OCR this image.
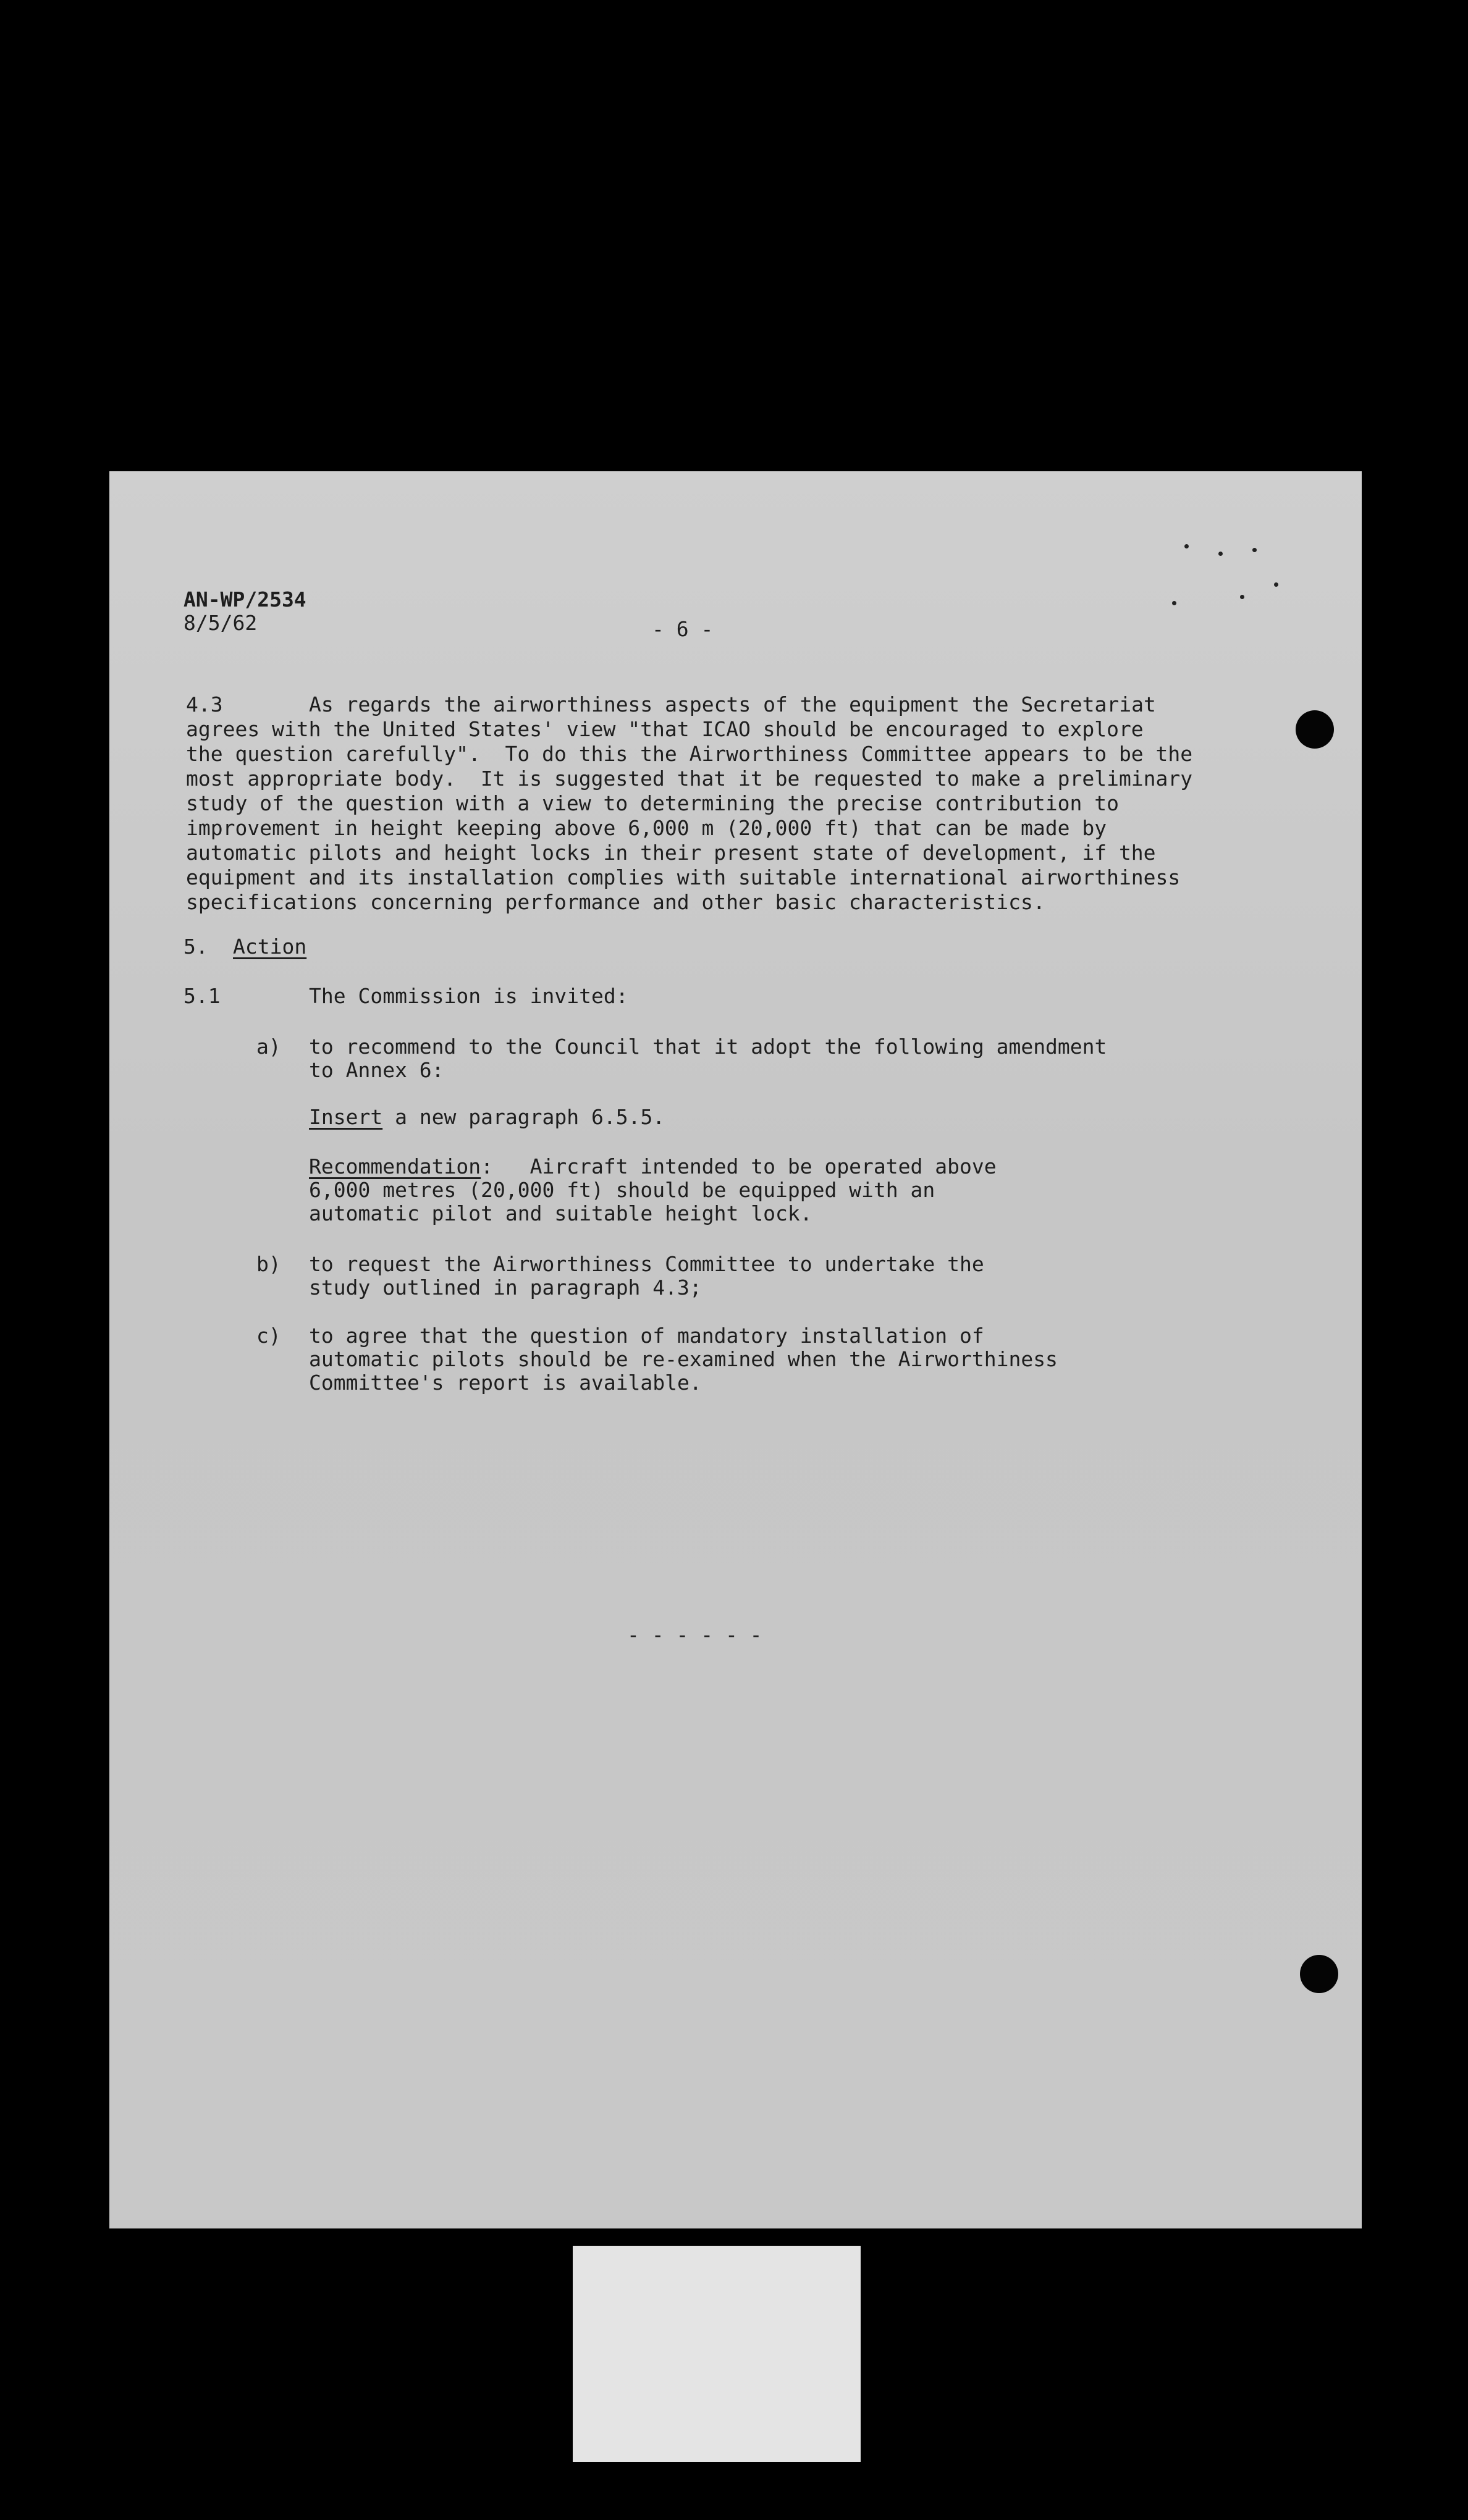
AN-WP/2534
8/5/62	- 6 -
4.3	As regards the airworthiness aspects of the equipment the Secretariat
agrees with the United States' view "that ICAO should be encouraged to explore
the question carefully".  To do this the Airworthiness Committee appears to be the
most appropriate body.  It is suggested that it be requested to make a preliminary
study of the question with a view to determining the precise contribution to
improvement in height keeping above 6,000 m (20,000 ft) that can be made by
automatic pilots and height locks in their present state of development, if the
equipment and its installation complies with suitable international airworthiness
specifications concerning performance and other basic characteristics.
5. Action
5.1	The Commission is invited:
a) to recommend to the Council that it adopt the following amendment
to Annex 6:
Insert a new paragraph 6.5.5.
Recommendation:   Aircraft intended to be operated above
6,000 metres (20,000 ft) should be equipped with an
automatic pilot and suitable height lock.
b) to request the Airworthiness Committee to undertake the
study outlined in paragraph 4.3;
c) to agree that the question of mandatory installation of
automatic pilots should be re-examined when the Airworthiness
Committee's report is available.
- - - - - -
